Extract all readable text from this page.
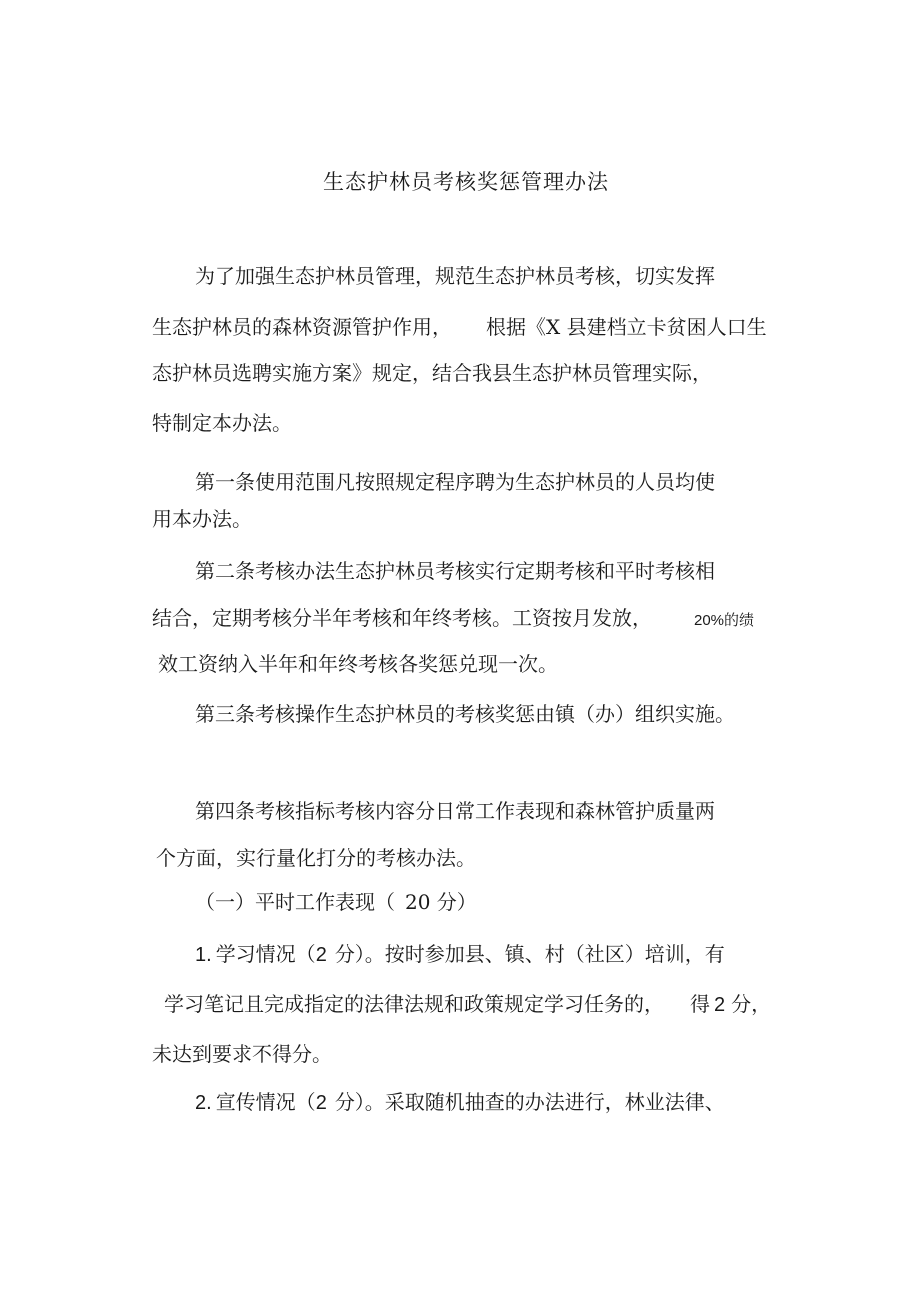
生态护林员考核奖惩管理办法
为了加强生态护林员管理，规范生态护林员考核，切实发挥
生态护林员的森林资源管护作用， 根据《X 县建档立卡贫困人口生
态护林员选聘实施方案》规定，结合我县生态护林员管理实际，
特制定本办法。
第一条使用范围凡按照规定程序聘为生态护林员的人员均使
用本办法。
第二条考核办法生态护林员考核实行定期考核和平时考核相
结合，定期考核分半年考核和年终考核。工资按月发放，	20%的绩
效工资纳入半年和年终考核各奖惩兑现一次。
第三条考核操作生态护林员的考核奖惩由镇（办）组织实施。
第四条考核指标考核内容分日常工作表现和森林管护质量两
个方面，实行量化打分的考核办法。
（一）平时工作表现（ 20 分）
1. 学习情况（2 分）。按时参加县、镇、村（社区）培训，有
学习笔记且完成指定的法律法规和政策规定学习任务的， 得 2 分，
未达到要求不得分。
2. 宣传情况（2 分）。采取随机抽查的办法进行，林业法律、
